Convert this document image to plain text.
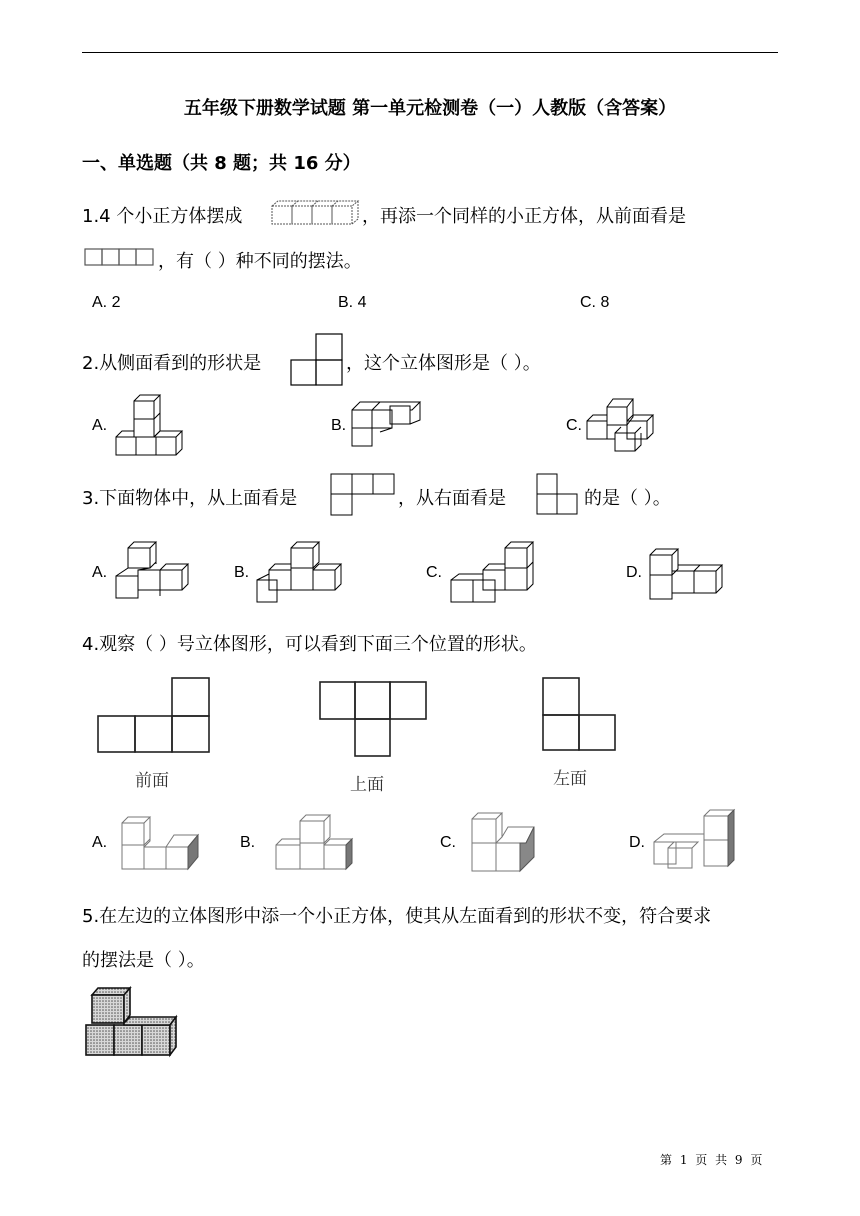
五年级下册数学试题 第一单元检测卷（一）人教版（含答案）
一、单选题（共 8 题；共 16 分）
1.4 个小正方体摆成	，再添一个同样的小正方体，从前面看是
，有（ ）种不同的摆法。
A. 2	B. 4	C. 8
2.从侧面看到的形状是	，这个立体图形是（ ）。
A.	B.	C.
3.下面物体中，从上面看是	，从右面看是	的是（ ）。
A.	B.	C.	D.
4.观察（ ）号立体图形，可以看到下面三个位置的形状。
前面	上面	左面
A.	B.	C.	D.
5.在左边的立体图形中添一个小正方体，使其从左面看到的形状不变，符合要求
的摆法是（ ）。
第 1 页 共 9 页
